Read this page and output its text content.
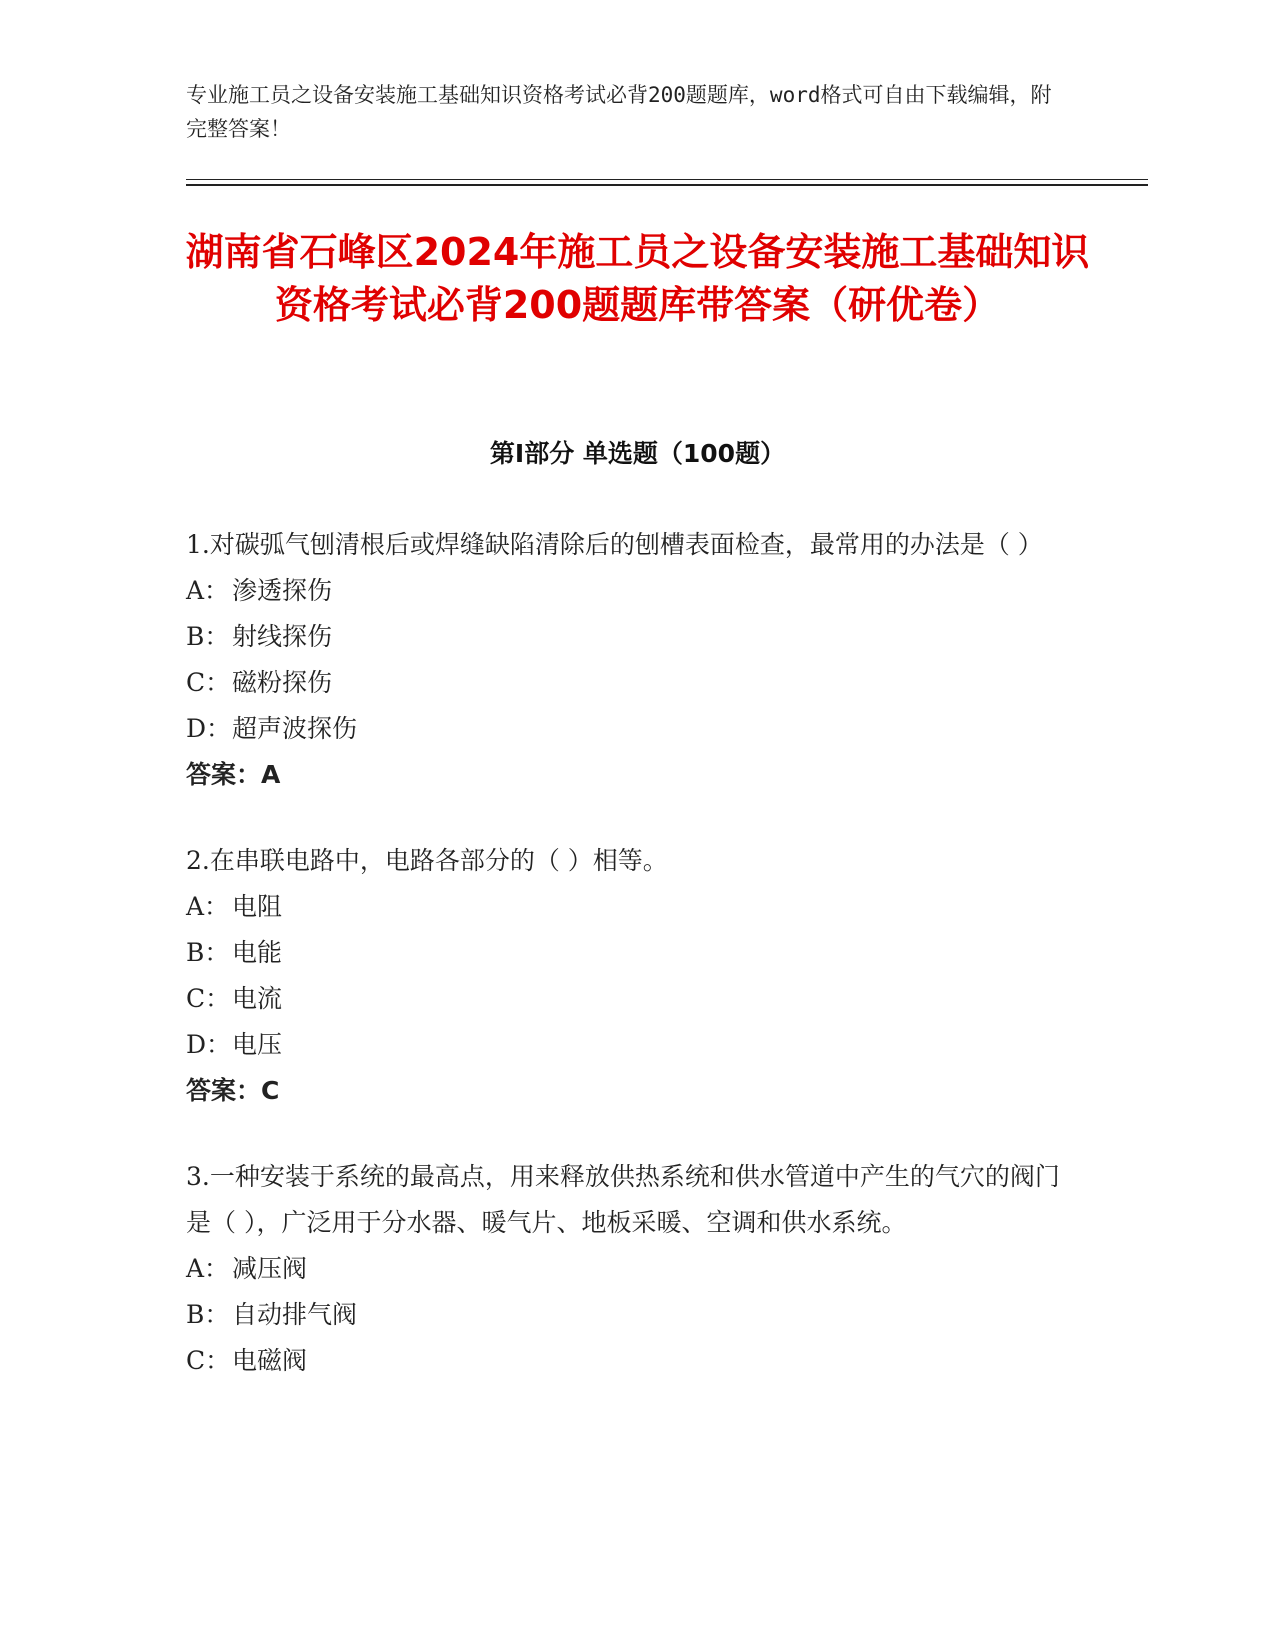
专业施工员之设备安装施工基础知识资格考试必背200题题库，word格式可自由下载编辑，附完整答案！
湖南省石峰区2024年施工员之设备安装施工基础知识资格考试必背200题题库带答案（研优卷）
第Ⅰ部分 单选题（100题）
1.对碳弧气刨清根后或焊缝缺陷清除后的刨槽表面检查，最常用的办法是（ ）
A： 渗透探伤
B： 射线探伤
C：磁粉探伤
D：超声波探伤
答案：A
2.在串联电路中，电路各部分的（ ）相等。
A： 电阻
B： 电能
C：电流
D：电压
答案：C
3.一种安装于系统的最高点，用来释放供热系统和供水管道中产生的气穴的阀门是（ ），广泛用于分水器、暖气片、地板采暖、空调和供水系统。
A： 减压阀
B： 自动排气阀
C：电磁阀
